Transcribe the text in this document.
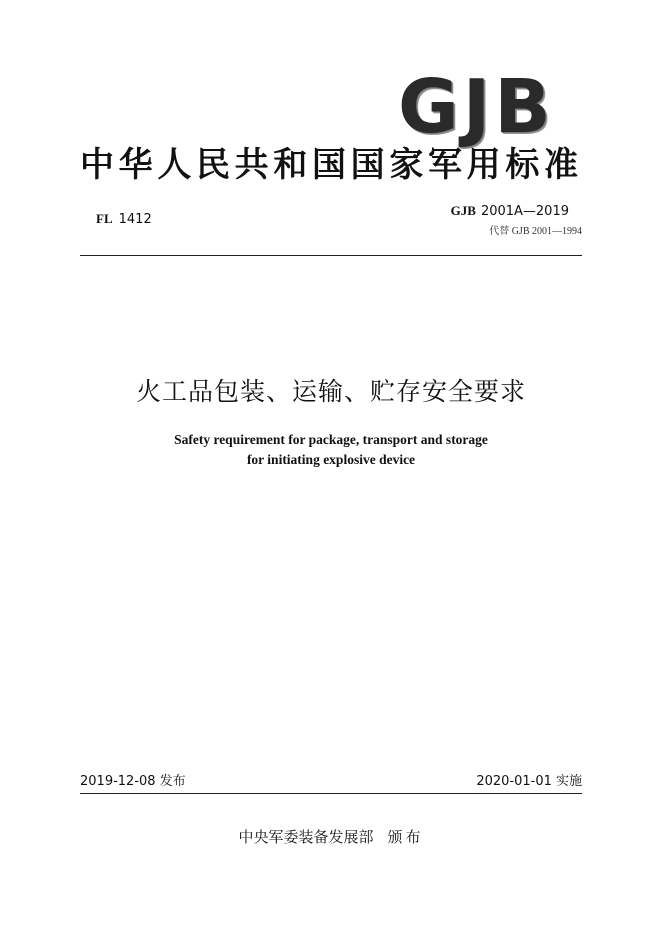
GJB
中华人民共和国国家军用标准
FL 1412
GJB 2001A—2019
代替 GJB 2001—1994
火工品包装、运输、贮存安全要求
Safety requirement for package, transport and storage
for initiating explosive device
2019-12-08 发布	2020-01-01 实施
中央军委装备发展部 颁布
